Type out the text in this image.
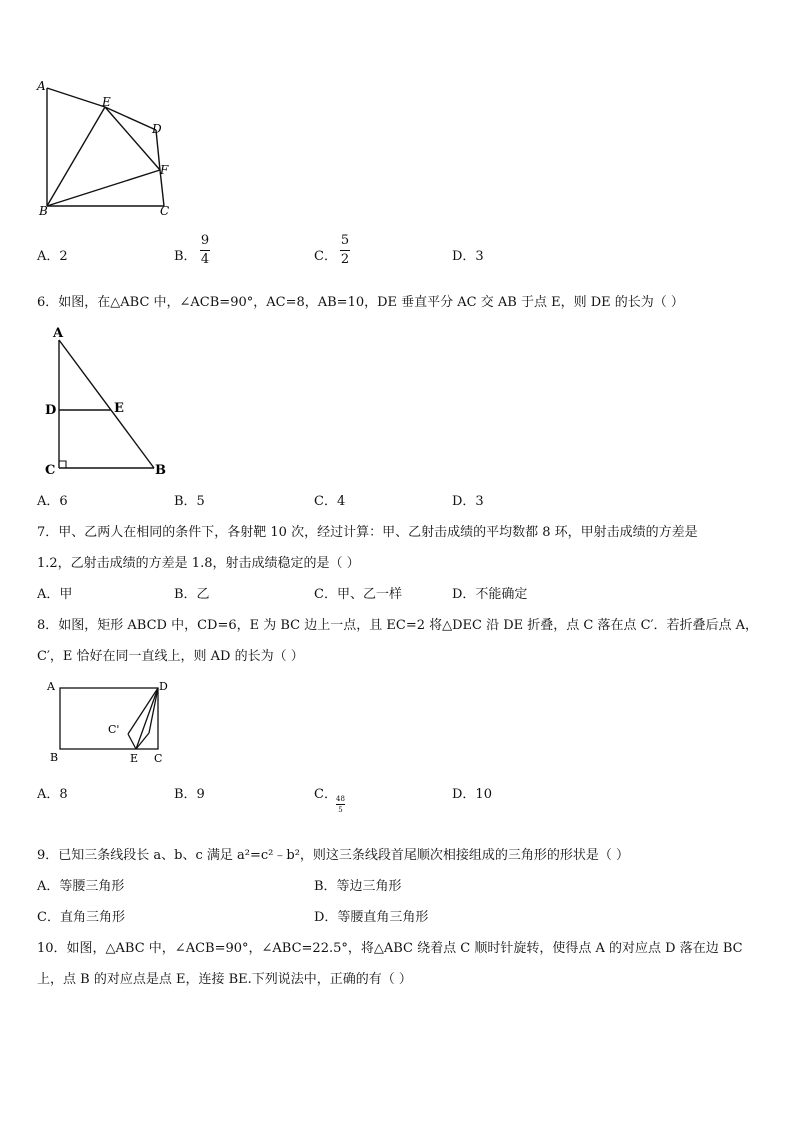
A
E
D
F
B	C
A．2	B．
9
4	C．
5
2	D．3
6．如图，在△ABC 中，∠ACB=90°，AC=8，AB=10，DE 垂直平分 AC 交 AB 于点 E，则 DE 的长为（ ）
A
D	E
C	B
A．6	B．5	C．4	D．3
7．甲、乙两人在相同的条件下，各射靶 10 次，经过计算：甲、乙射击成绩的平均数都 8 环，甲射击成绩的方差是
1.2，乙射击成绩的方差是 1.8，射击成绩稳定的是（ ）
A．甲	B．乙	C．甲、乙一样	D．不能确定
8．如图，矩形 ABCD 中，CD=6，E 为 BC 边上一点，且 EC=2 将△DEC 沿 DE 折叠，点 C 落在点 C′．若折叠后点 A，
C′，E 恰好在同一直线上，则 AD 的长为（ ）
A	D
C'
B	E C
A．8	B．9	C． 48
5
D．10
9．已知三条线段长 a、b、c 满足 a²=c²﹣b²，则这三条线段首尾顺次相接组成的三角形的形状是（ ）
A．等腰三角形	B．等边三角形
C．直角三角形	D．等腰直角三角形
10．如图，△ABC 中，∠ACB=90°，∠ABC=22.5°，将△ABC 绕着点 C 顺时针旋转，使得点 A 的对应点 D 落在边 BC
上，点 B 的对应点是点 E，连接 BE.下列说法中，正确的有（ ）
